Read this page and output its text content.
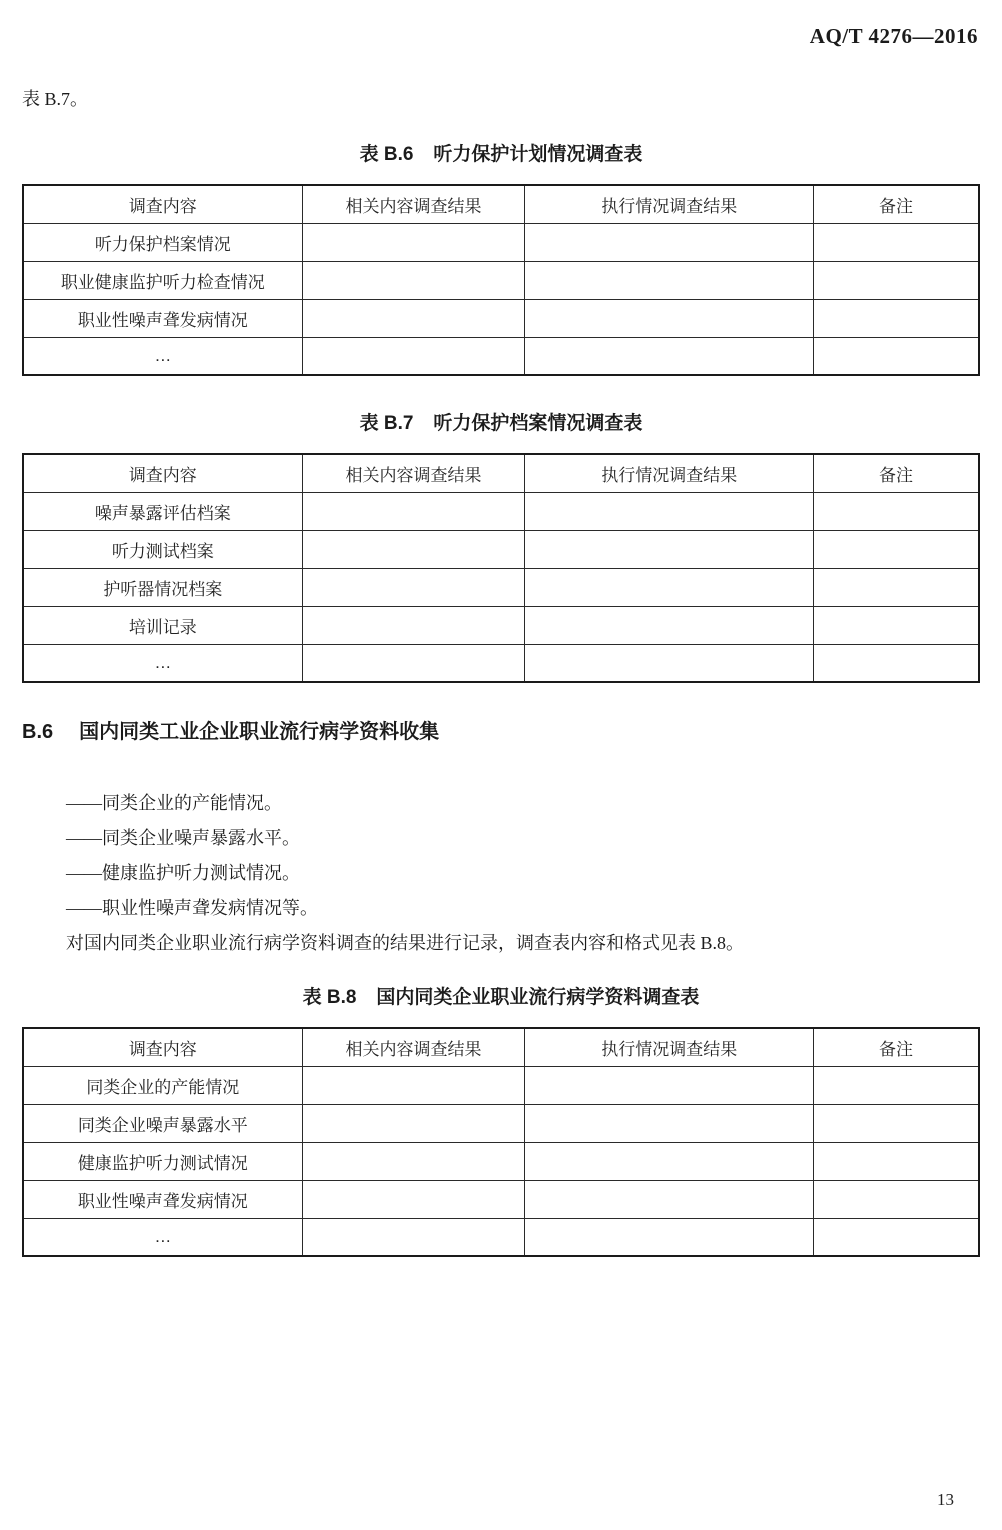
AQ/T 4276—2016
表 B.7。
表 B.6 听力保护计划情况调查表
调查内容	相关内容调查结果	执行情况调查结果	备注
听力保护档案情况			
职业健康监护听力检查情况			
职业性噪声聋发病情况			
…			
表 B.7 听力保护档案情况调查表
调查内容	相关内容调查结果	执行情况调查结果	备注
噪声暴露评估档案			
听力测试档案			
护听器情况档案			
培训记录			
…			
B.6 国内同类工业企业职业流行病学资料收集
——同类企业的产能情况。
——同类企业噪声暴露水平。
——健康监护听力测试情况。
——职业性噪声聋发病情况等。
对国内同类企业职业流行病学资料调查的结果进行记录，调查表内容和格式见表 B.8。
表 B.8 国内同类企业职业流行病学资料调查表
调查内容	相关内容调查结果	执行情况调查结果	备注
同类企业的产能情况			
同类企业噪声暴露水平			
健康监护听力测试情况			
职业性噪声聋发病情况			
…			
13
